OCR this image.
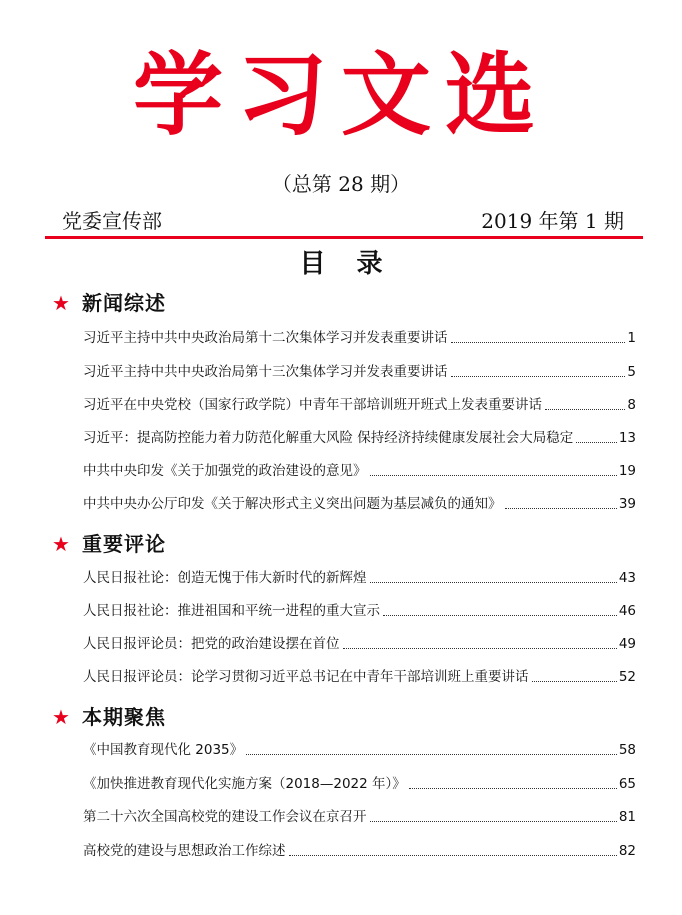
学习文选
（总第 28 期）
党委宣传部	2019 年第 1 期
目 录
★ 新闻综述
习近平主持中共中央政治局第十二次集体学习并发表重要讲话	1
习近平主持中共中央政治局第十三次集体学习并发表重要讲话	5
习近平在中央党校（国家行政学院）中青年干部培训班开班式上发表重要讲话	8
习近平：提高防控能力着力防范化解重大风险 保持经济持续健康发展社会大局稳定	13
中共中央印发《关于加强党的政治建设的意见》	19
中共中央办公厅印发《关于解决形式主义突出问题为基层减负的通知》	39
★ 重要评论
人民日报社论：创造无愧于伟大新时代的新辉煌	43
人民日报社论：推进祖国和平统一进程的重大宣示	46
人民日报评论员：把党的政治建设摆在首位	49
人民日报评论员：论学习贯彻习近平总书记在中青年干部培训班上重要讲话	52
★ 本期聚焦
《中国教育现代化 2035》	58
《加快推进教育现代化实施方案（2018—2022 年）》	65
第二十六次全国高校党的建设工作会议在京召开	81
高校党的建设与思想政治工作综述	82
